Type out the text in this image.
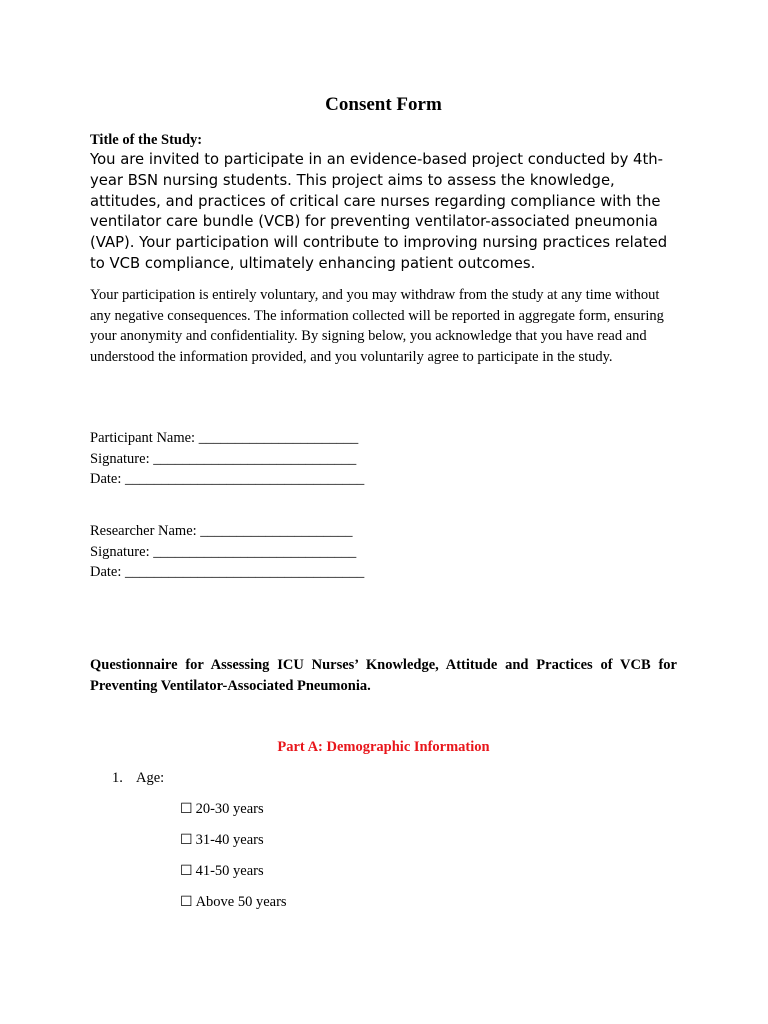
Consent Form
Title of the Study:

You are invited to participate in an evidence-based project conducted by 4th-year BSN nursing students. This project aims to assess the knowledge, attitudes, and practices of critical care nurses regarding compliance with the ventilator care bundle (VCB) for preventing ventilator-associated pneumonia (VAP). Your participation will contribute to improving nursing practices related to VCB compliance, ultimately enhancing patient outcomes.

Your participation is entirely voluntary, and you may withdraw from the study at any time without any negative consequences. The information collected will be reported in aggregate form, ensuring your anonymity and confidentiality. By signing below, you acknowledge that you have read and understood the information provided, and you voluntarily agree to participate in the study.

Participant Name: ______________________
Signature: ____________________________
Date: _________________________________
Researcher Name: _____________________
Signature: ____________________________
Date: _________________________________

Questionnaire for Assessing ICU Nurses’ Knowledge, Attitude and Practices of VCB for Preventing Ventilator-Associated Pneumonia.

Part A: Demographic Information
1. Age:
☐ 20-30 years
☐ 31-40 years
☐ 41-50 years
☐ Above 50 years
